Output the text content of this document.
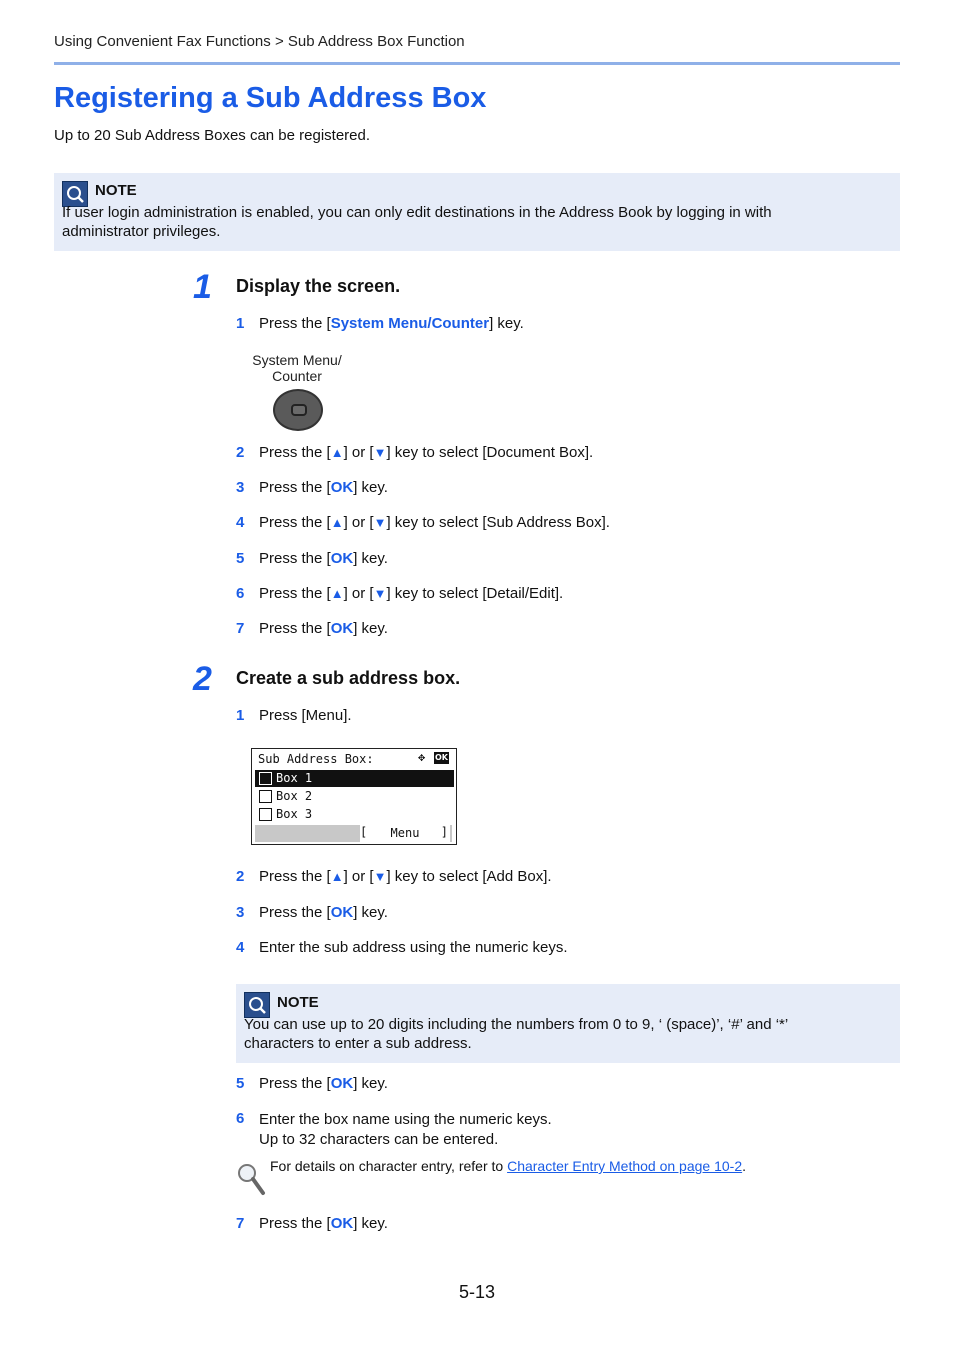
Using Convenient Fax Functions > Sub Address Box Function
Registering a Sub Address Box
Up to 20 Sub Address Boxes can be registered.
NOTE
If user login administration is enabled, you can only edit destinations in the Address Book by logging in with
administrator privileges.
1 Display the screen.
1 Press the [System Menu/Counter] key.
System Menu/
Counter
2 Press the [▲] or [▼] key to select [Document Box].
3 Press the [OK] key.
4 Press the [▲] or [▼] key to select [Sub Address Box].
5 Press the [OK] key.
6 Press the [▲] or [▼] key to select [Detail/Edit].
7 Press the [OK] key.
2 Create a sub address box.
1 Press [Menu].
Sub Address Box:	✥ OK
Box 1
Box 2
Box 3
[ Menu ]
2 Press the [▲] or [▼] key to select [Add Box].
3 Press the [OK] key.
4 Enter the sub address using the numeric keys.
NOTE
You can use up to 20 digits including the numbers from 0 to 9, ‘ (space)’, ‘#’ and ‘*’
characters to enter a sub address.
5 Press the [OK] key.
6 Enter the box name using the numeric keys.
Up to 32 characters can be entered.
For details on character entry, refer to Character Entry Method on page 10-2.
7 Press the [OK] key.
5-13
